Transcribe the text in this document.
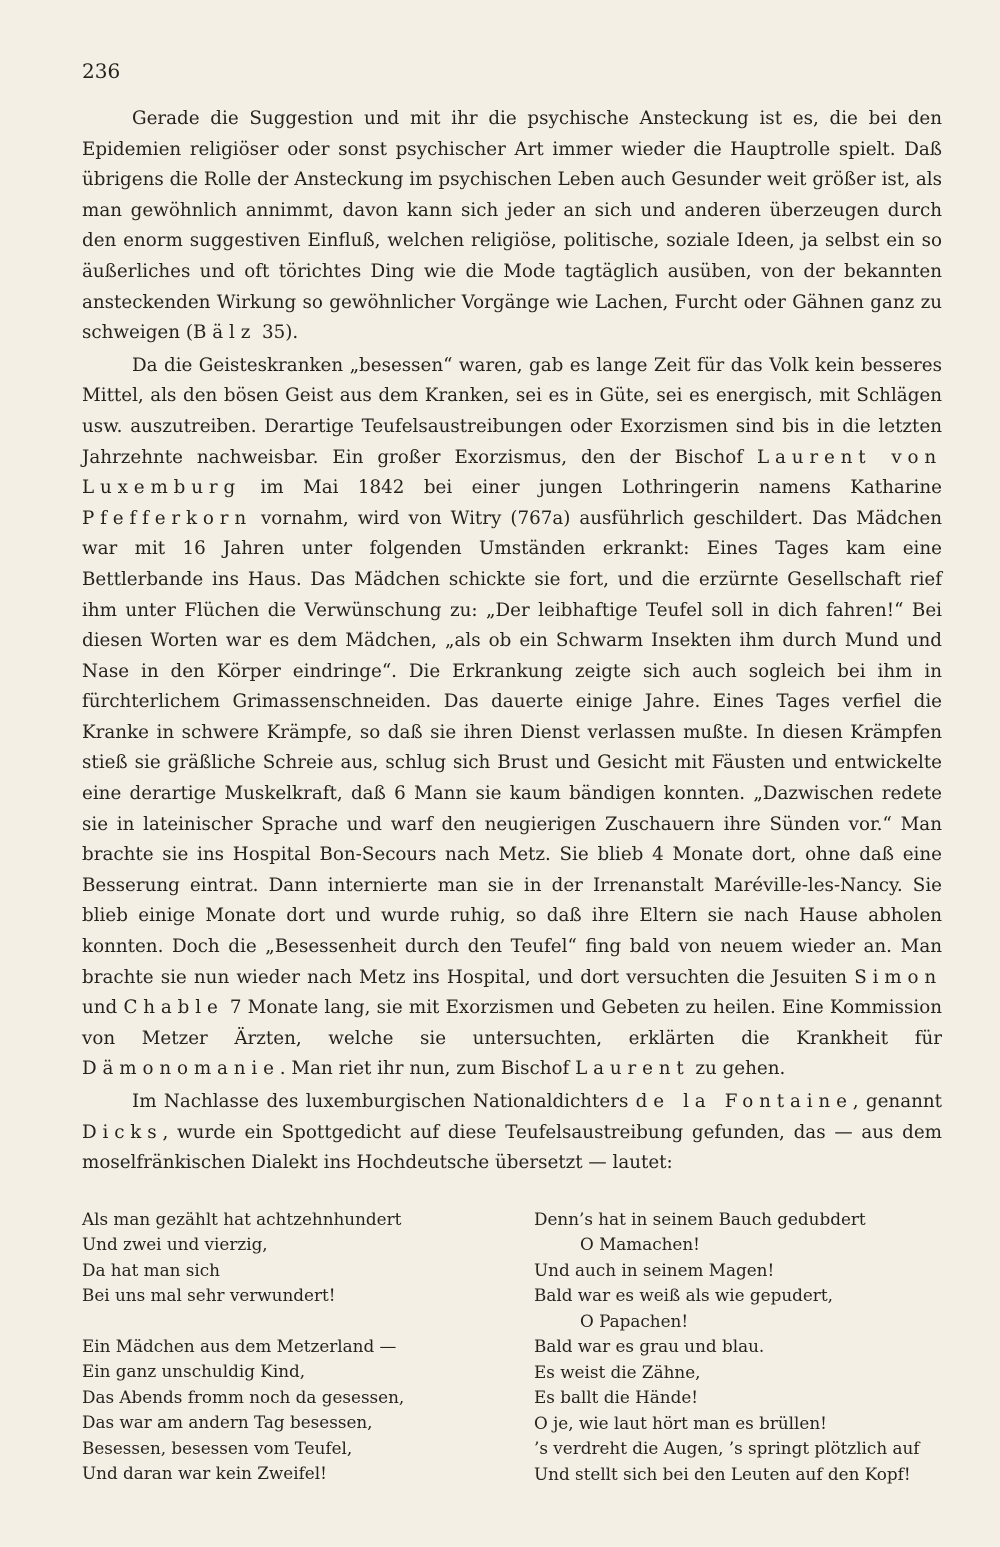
236

Gerade die Suggestion und mit ihr die psychische Ansteckung ist es, die bei den Epidemien religiöser oder sonst psychischer Art immer wieder die Hauptrolle spielt. Daß übrigens die Rolle der Ansteckung im psychischen Leben auch Gesunder weit größer ist, als man gewöhnlich annimmt, davon kann sich jeder an sich und anderen überzeugen durch den enorm suggestiven Einfluß, welchen religiöse, politische, soziale Ideen, ja selbst ein so äußerliches und oft törichtes Ding wie die Mode tagtäglich ausüben, von der bekannten ansteckenden Wirkung so gewöhnlicher Vorgänge wie Lachen, Furcht oder Gähnen ganz zu schweigen (Bälz 35).

Da die Geisteskranken „besessen“ waren, gab es lange Zeit für das Volk kein besseres Mittel, als den bösen Geist aus dem Kranken, sei es in Güte, sei es energisch, mit Schlägen usw. auszutreiben. Derartige Teufelsaustreibungen oder Exorzismen sind bis in die letzten Jahrzehnte nachweisbar. Ein großer Exorzismus, den der Bischof Laurent von Luxemburg im Mai 1842 bei einer jungen Lothringerin namens Katharine Pfefferkorn vornahm, wird von Witry (767a) ausführlich geschildert. Das Mädchen war mit 16 Jahren unter folgenden Umständen erkrankt: Eines Tages kam eine Bettlerbande ins Haus. Das Mädchen schickte sie fort, und die erzürnte Gesellschaft rief ihm unter Flüchen die Verwünschung zu: „Der leibhaftige Teufel soll in dich fahren!“ Bei diesen Worten war es dem Mädchen, „als ob ein Schwarm Insekten ihm durch Mund und Nase in den Körper eindringe“. Die Erkrankung zeigte sich auch sogleich bei ihm in fürchterlichem Grimassenschneiden. Das dauerte einige Jahre. Eines Tages verfiel die Kranke in schwere Krämpfe, so daß sie ihren Dienst verlassen mußte. In diesen Krämpfen stieß sie gräßliche Schreie aus, schlug sich Brust und Gesicht mit Fäusten und entwickelte eine derartige Muskelkraft, daß 6 Mann sie kaum bändigen konnten. „Dazwischen redete sie in lateinischer Sprache und warf den neugierigen Zuschauern ihre Sünden vor.“ Man brachte sie ins Hospital Bon-Secours nach Metz. Sie blieb 4 Monate dort, ohne daß eine Besserung eintrat. Dann internierte man sie in der Irrenanstalt Maréville-les-Nancy. Sie blieb einige Monate dort und wurde ruhig, so daß ihre Eltern sie nach Hause abholen konnten. Doch die „Besessenheit durch den Teufel“ fing bald von neuem wieder an. Man brachte sie nun wieder nach Metz ins Hospital, und dort versuchten die Jesuiten Simon und Chable 7 Monate lang, sie mit Exorzismen und Gebeten zu heilen. Eine Kommission von Metzer Ärzten, welche sie untersuchten, erklärten die Krankheit für Dämonomanie. Man riet ihr nun, zum Bischof Laurent zu gehen.

Im Nachlasse des luxemburgischen Nationaldichters de la Fontaine, genannt Dicks, wurde ein Spottgedicht auf diese Teufelsaustreibung gefunden, das — aus dem moselfränkischen Dialekt ins Hochdeutsche übersetzt — lautet:

Als man gezählt hat achtzehnhundert
Und zwei und vierzig,
Da hat man sich
Bei uns mal sehr verwundert!
Ein Mädchen aus dem Metzerland —
Ein ganz unschuldig Kind,
Das Abends fromm noch da gesessen,
Das war am andern Tag besessen,
Besessen, besessen vom Teufel,
Und daran war kein Zweifel!
Denn’s hat in seinem Bauch gedubdert
O Mamachen!
Und auch in seinem Magen!
Bald war es weiß als wie gepudert,
O Papachen!
Bald war es grau und blau.
Es weist die Zähne,
Es ballt die Hände!
O je, wie laut hört man es brüllen!
’s verdreht die Augen, ’s springt plötzlich auf
Und stellt sich bei den Leuten auf den Kopf!
